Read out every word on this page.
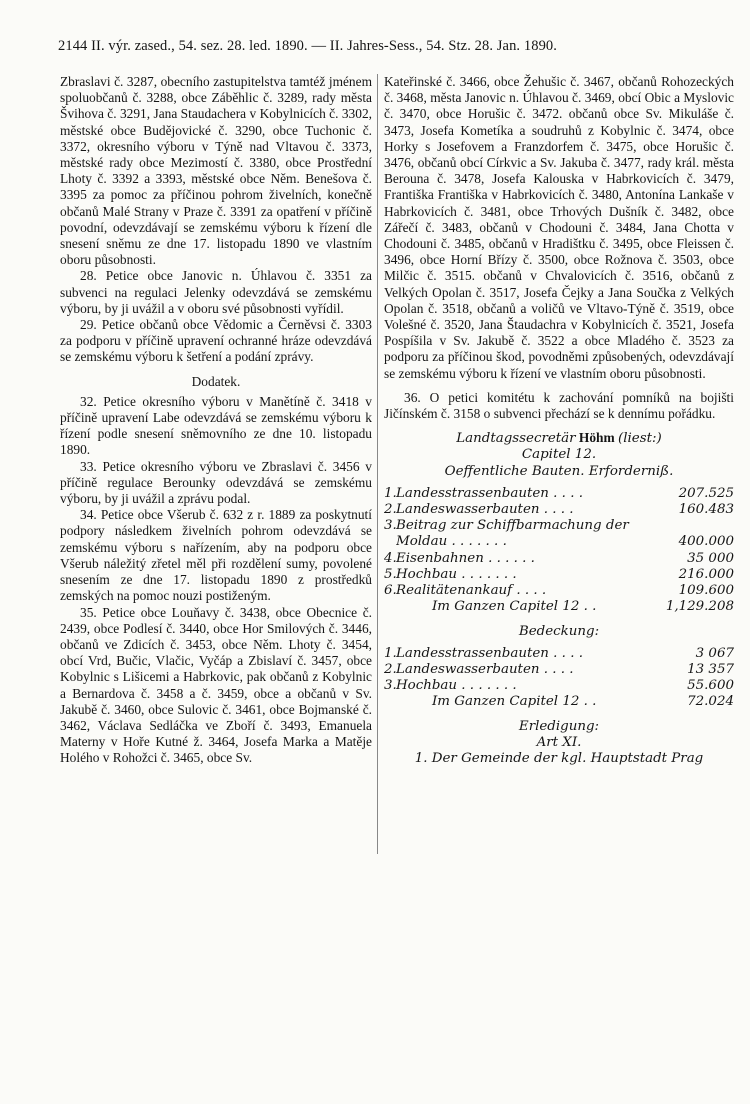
2144 II. výr. zased., 54. sez. 28. led. 1890. — II. Jahres-Sess., 54. Stz. 28. Jan. 1890.

Zbraslavi č. 3287, obecního zastupitelstva tamtéž jménem spoluobčanů č. 3288, obce Záběhlic č. 3289, rady města Švihova č. 3291, Jana Staudachera v Kobylnicích č. 3302, městské obce Budějovické č. 3290, obce Tuchonic č. 3372, okresního výboru v Týně nad Vltavou č. 3373, městské rady obce Mezimostí č. 3380, obce Prostřední Lhoty č. 3392 a 3393, městské obce Něm. Benešova č. 3395 za pomoc za příčinou pohrom živelních, konečně občanů Malé Strany v Praze č. 3391 za opatření v příčině povodní, odevzdávají se zemskému výboru k řízení dle snesení sněmu ze dne 17. listopadu 1890 ve vlastním oboru působnosti.

28. Petice obce Janovic n. Úhlavou č. 3351 za subvenci na regulaci Jelenky odevzdává se zemskému výboru, by ji uvážil a v oboru své působnosti vyřídil.

29. Petice občanů obce Vědomic a Černěvsi č. 3303 za podporu v příčině upravení ochranné hráze odevzdává se zemskému výboru k šetření a podání zprávy.

Dodatek.

32. Petice okresního výboru v Manětíně č. 3418 v příčině upravení Labe odevzdává se zemskému výboru k řízení podle snesení sněmovního ze dne 10. listopadu 1890.

33. Petice okresního výboru ve Zbraslavi č. 3456 v příčině regulace Berounky odevzdává se zemskému výboru, by ji uvážil a zprávu podal.

34. Petice obce Všerub č. 632 z r. 1889 za poskytnutí podpory následkem živelních pohrom odevzdává se zemskému výboru s nařízením, aby na podporu obce Všerub náležitý zřetel měl při rozdělení sumy, povolené snesením ze dne 17. listopadu 1890 z prostředků zemských na pomoc nouzi postiženým.

35. Petice obce Louňavy č. 3438, obce Obecnice č. 2439, obce Podlesí č. 3440, obce Hor Smilových č. 3446, občanů ve Zdicích č. 3453, obce Něm. Lhoty č. 3454, obcí Vrd, Bučic, Vlačic, Vyčáp a Zbislaví č. 3457, obce Kobylnic s Lišicemi a Habrkovic, pak občanů z Kobylnic a Bernardova č. 3458 a č. 3459, obce a občanů v Sv. Jakubě č. 3460, obce Sulovic č. 3461, obce Bojmanské č. 3462, Václava Sedláčka ve Zboří č. 3493, Emanuela Materny v Hoře Kutné ž. 3464, Josefa Marka a Matěje Holého v Rohožci č. 3465, obce Sv.

Kateřinské č. 3466, obce Žehušic č. 3467, občanů Rohozeckých č. 3468, města Janovic n. Úhlavou č. 3469, obcí Obic a Myslovic č. 3470, obce Horušic č. 3472. občanů obce Sv. Mikuláše č. 3473, Josefa Kometíka a soudruhů z Kobylnic č. 3474, obce Horky s Josefovem a Franzdorfem č. 3475, obce Horušic č. 3476, občanů obcí Církvic a Sv. Jakuba č. 3477, rady král. města Berouna č. 3478, Josefa Kalouska v Habrkovicích č. 3479, Františka Františka v Habrkovicích č. 3480, Antonína Lankaše v Habrkovicích č. 3481, obce Trhových Dušník č. 3482, obce Zářečí č. 3483, občanů v Chodouni č. 3484, Jana Chotta v Chodouni č. 3485, občanů v Hradištku č. 3495, obce Fleissen č. 3496, obce Horní Břízy č. 3500, obce Rožnova č. 3503, obce Milčic č. 3515. občanů v Chvalovicích č. 3516, občanů z Velkých Opolan č. 3517, Josefa Čejky a Jana Součka z Velkých Opolan č. 3518, občanů a voličů ve Vltavo-Týně č. 3519, obce Volešné č. 3520, Jana Štaudachra v Kobylnicích č. 3521, Josefa Pospíšila v Sv. Jakubě č. 3522 a obce Mladého č. 3523 za podporu za příčinou škod, povodněmi způsobených, odevzdávají se zemskému výboru k řízení ve vlastním oboru působnosti.

36. O petici komitétu k zachování pomníků na bojišti Jičínském č. 3158 o subvenci přechází se k dennímu pořádku.

Landtagssecretär Höhm (liest:)
Capitel 12.
Oeffentliche Bauten. Erforderniß.
1. Landesstrassenbauten . . . .	207.525
2. Landeswasserbauten . . . .	160.483
3. Beitrag zur Schiffbarmachung der
Moldau . . . . . . .	400.000
4. Eisenbahnen . . . . . .	35 000
5. Hochbau . . . . . . .	216.000
6. Realitätenankauf . . . .	109.600
Im Ganzen Capitel 12 . .	1,129.208
Bedeckung:
1. Landesstrassenbauten . . . .	3 067
2. Landeswasserbauten . . . .	13 357
3. Hochbau . . . . . . .	55.600
Im Ganzen Capitel 12 . .	72.024
Erledigung:
Art XI.
1. Der Gemeinde der kgl. Hauptstadt Prag
